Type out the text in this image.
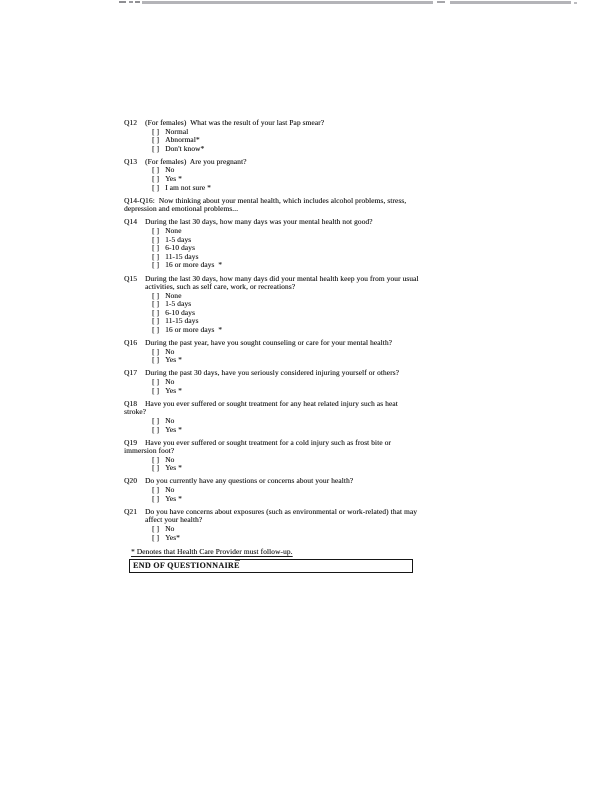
Q12	(For females)  What was the result of your last Pap smear?
[ ] Normal
[ ] Abnormal*
[ ] Don't know*
Q13	(For females)  Are you pregnant?
[ ] No
[ ] Yes *
[ ] I am not sure *
Q14-Q16: Now thinking about your mental health, which includes alcohol problems, stress,
depression and emotional problems...
Q14	During the last 30 days, how many days was your mental health not good?
[ ] None
[ ] 1-5 days
[ ] 6-10 days
[ ] 11-15 days
[ ] 16 or more days  *
Q15	During the last 30 days, how many days did your mental health keep you from your usual
activities, such as self care, work, or recreations?
[ ] None
[ ] 1-5 days
[ ] 6-10 days
[ ] 11-15 days
[ ] 16 or more days  *
Q16	During the past year, have you sought counseling or care for your mental health?
[ ] No
[ ] Yes *
Q17	During the past 30 days, have you seriously considered injuring yourself or others?
[ ] No
[ ] Yes *
Q18	Have you ever suffered or sought treatment for any heat related injury such as heat
stroke?
[ ] No
[ ] Yes *
Q19	Have you ever suffered or sought treatment for a cold injury such as frost bite or
immersion foot?
[ ] No
[ ] Yes *
Q20	Do you currently have any questions or concerns about your health?
[ ] No
[ ] Yes *
Q21	Do you have concerns about exposures (such as environmental or work-related) that may
affect your health?
[ ] No
[ ] Yes*
* Denotes that Health Care Provider must follow-up.
END OF QUESTIONNAIRE
